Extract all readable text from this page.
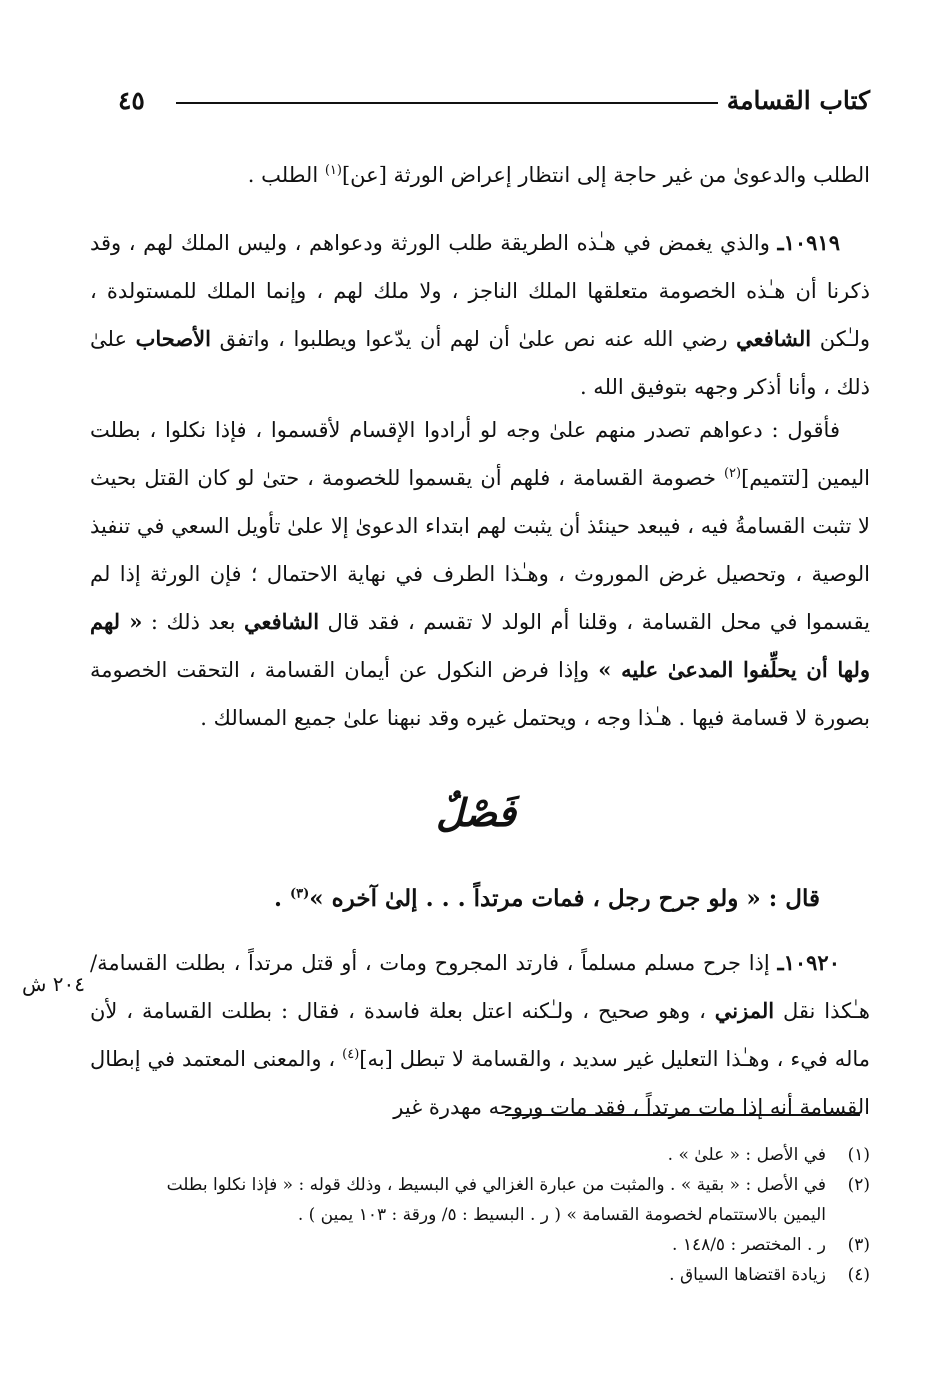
كتاب القسامة
٤٥

الطلب والدعوىٰ من غير حاجة إلى انتظار إعراض الورثة [عن]$^{(١)}$ الطلب .

١٠٩١٩ـ والذي يغمض في هـٰذه الطريقة طلب الورثة ودعواهم ، وليس الملك لهم ، وقد ذكرنا أن هـٰذه الخصومة متعلقها الملك الناجز ، ولا ملك لهم ، وإنما الملك للمستولدة ، ولـٰكن الشافعي رضي الله عنه نص علىٰ أن لهم أن يدّعوا ويطلبوا ، واتفق الأصحاب علىٰ ذلك ، وأنا أذكر وجهه بتوفيق الله .

فأقول : دعواهم تصدر منهم علىٰ وجه لو أرادوا الإقسام لأقسموا ، فإذا نكلوا ، بطلت اليمين [لتتميم]$^{(٢)}$ خصومة القسامة ، فلهم أن يقسموا للخصومة ، حتىٰ لو كان القتل بحيث لا تثبت القسامةُ فيه ، فيبعد حينئذ أن يثبت لهم ابتداء الدعوىٰ إلا علىٰ تأويل السعي في تنفيذ الوصية ، وتحصيل غرض الموروث ، وهـٰذا الطرف في نهاية الاحتمال ؛ فإن الورثة إذا لم يقسموا في محل القسامة ، وقلنا أم الولد لا تقسم ، فقد قال الشافعي بعد ذلك : « لهم ولها أن يحلِّفوا المدعىٰ عليه » وإذا فرض النكول عن أيمان القسامة ، التحقت الخصومة بصورة لا قسامة فيها . هـٰذا وجه ، ويحتمل غيره وقد نبهنا علىٰ جميع المسالك .

فَصْلٌ

قال : « ولو جرح رجل ، فمات مرتداً . . . إلىٰ آخره »$^{(٣)}$ .

١٠٩٢٠ـ إذا جرح مسلم مسلماً ، فارتد المجروح ومات ، أو قتل مرتداً ، بطلت القسامة/ هـٰكذا نقل المزني ، وهو صحيح ، ولـٰكنه اعتل بعلة فاسدة ، فقال : بطلت القسامة ، لأن ماله فيء ، وهـٰذا التعليل غير سديد ، والقسامة لا تبطل [به]$^{(٤)}$ ، والمعنى المعتمد في إبطال القسامة أنه إذا مات مرتداً ، فقد مات وروحه مهدرة غير

٢٠٤ ش
(١)
في الأصل : « علىٰ » .
(٢)
في الأصل : « بقية » . والمثبت من عبارة الغزالي في البسيط ، وذلك قوله : « فإذا نكلوا بطلت اليمين بالاستتمام لخصومة القسامة » ( ر . البسيط : ٥/ ورقة : ١٠٣ يمين ) .
(٣)
ر . المختصر : ١٤٨/٥ .
(٤)
زيادة اقتضاها السياق .
